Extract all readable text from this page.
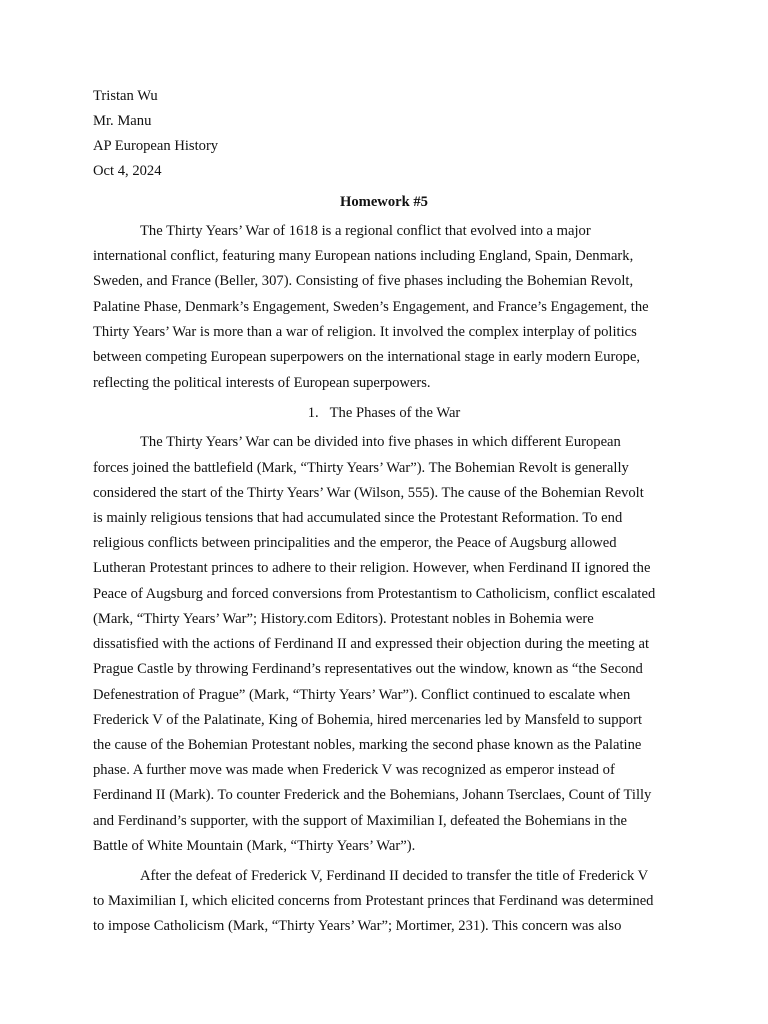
Tristan Wu
Mr. Manu
AP European History
Oct 4, 2024
Homework #5
The Thirty Years’ War of 1618 is a regional conflict that evolved into a major
international conflict, featuring many European nations including England, Spain, Denmark,
Sweden, and France (Beller, 307). Consisting of five phases including the Bohemian Revolt,
Palatine Phase, Denmark’s Engagement, Sweden’s Engagement, and France’s Engagement, the
Thirty Years’ War is more than a war of religion. It involved the complex interplay of politics
between competing European superpowers on the international stage in early modern Europe,
reflecting the political interests of European superpowers.
1. The Phases of the War
The Thirty Years’ War can be divided into five phases in which different European
forces joined the battlefield (Mark, “Thirty Years’ War”). The Bohemian Revolt is generally
considered the start of the Thirty Years’ War (Wilson, 555). The cause of the Bohemian Revolt
is mainly religious tensions that had accumulated since the Protestant Reformation. To end
religious conflicts between principalities and the emperor, the Peace of Augsburg allowed
Lutheran Protestant princes to adhere to their religion. However, when Ferdinand II ignored the
Peace of Augsburg and forced conversions from Protestantism to Catholicism, conflict escalated
(Mark, “Thirty Years’ War”; History.com Editors). Protestant nobles in Bohemia were
dissatisfied with the actions of Ferdinand II and expressed their objection during the meeting at
Prague Castle by throwing Ferdinand’s representatives out the window, known as “the Second
Defenestration of Prague” (Mark, “Thirty Years’ War”). Conflict continued to escalate when
Frederick V of the Palatinate, King of Bohemia, hired mercenaries led by Mansfeld to support
the cause of the Bohemian Protestant nobles, marking the second phase known as the Palatine
phase. A further move was made when Frederick V was recognized as emperor instead of
Ferdinand II (Mark). To counter Frederick and the Bohemians, Johann Tserclaes, Count of Tilly
and Ferdinand’s supporter, with the support of Maximilian I, defeated the Bohemians in the
Battle of White Mountain (Mark, “Thirty Years’ War”).
After the defeat of Frederick V, Ferdinand II decided to transfer the title of Frederick V
to Maximilian I, which elicited concerns from Protestant princes that Ferdinand was determined
to impose Catholicism (Mark, “Thirty Years’ War”; Mortimer, 231). This concern was also
